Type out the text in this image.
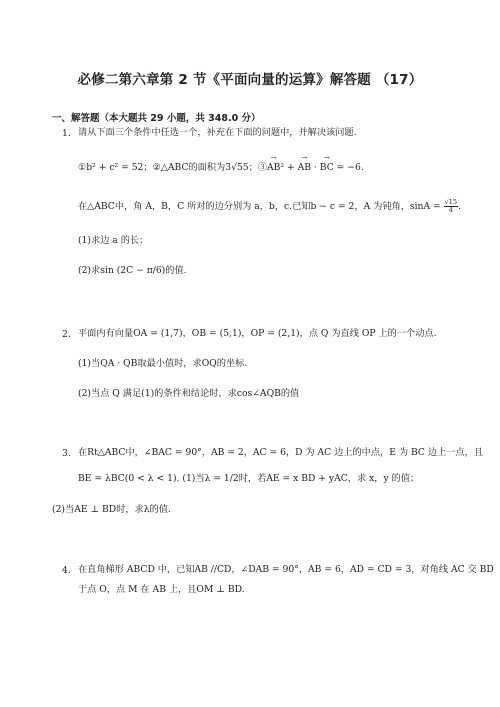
必修二第六章第 2 节《平面向量的运算》解答题 （17）
一、解答题（本大题共 29 小题，共 348.0 分）
1. 请从下面三个条件中任选一个，补充在下面的问题中，并解决该问题.
①b² + c² = 52；②△ABC的面积为3√55；③→ AB² + → AB · → BC = −6.
在△ABC中，角 A，B，C 所对的边分别为 a，b，c.已知b − c = 2，A 为钝角，$\sin A = \frac{√15}{4}$ .
(1)求边 a 的长；
(2)求sin (2C − π/6)的值.
2. 平面内有向量OA = (1,7)，OB = (5,1)，OP = (2,1)，点 Q 为直线 OP 上的一个动点.
(1)当QA · QB取最小值时，求OQ的坐标.
(2)当点 Q 满足(1)的条件和结论时，求cos∠AQB的值
3. 在Rt△ABC中，∠BAC = 90°，AB = 2，AC = 6，D 为 AC 边上的中点，E 为 BC 边上一点，且
BE = λBC(0 < λ < 1). (1)当λ = 1/2时，若AE = x BD + yAC，求 x，y 的值；
(2)当AE ⊥ BD时，求λ的值.
4. 在直角梯形 ABCD 中，已知AB //CD，∠DAB = 90°，AB = 6，AD = CD = 3，对角线 AC 交 BD
于点 O，点 M 在 AB 上，且OM ⊥ BD.
